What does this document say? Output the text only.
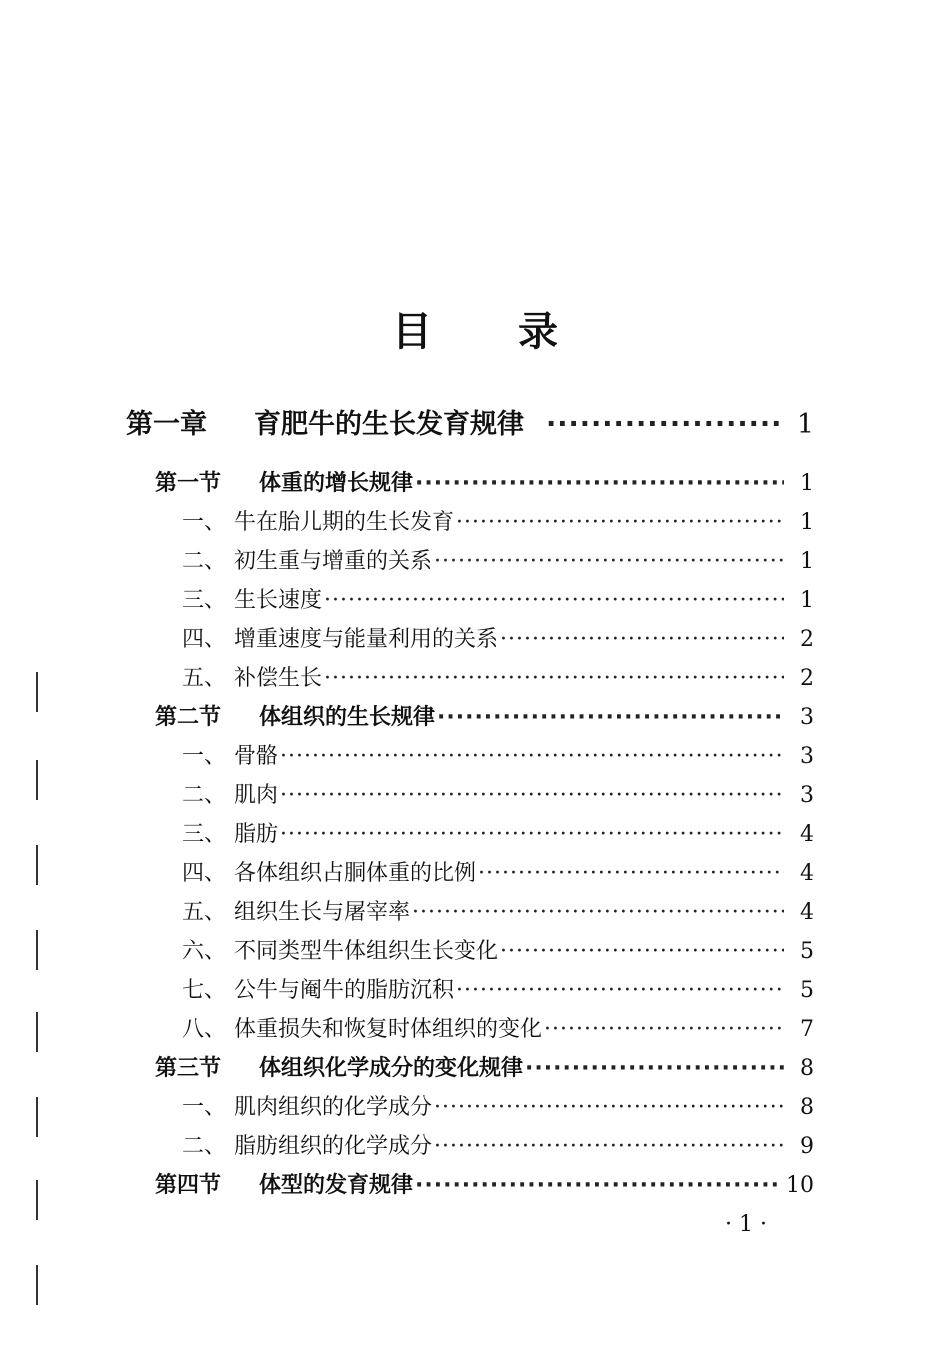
目 录
第一章	育肥牛的生长发育规律 ·····	1
第一节	体重的增长规律 ·····	1
一、 牛在胎儿期的生长发育 ·····	1
二、 初生重与增重的关系 ·····	1
三、 生长速度 ·····	1
四、 增重速度与能量利用的关系 ·····	2
五、 补偿生长 ·····	2
第二节	体组织的生长规律 ·····	3
一、 骨骼 ·····	3
二、 肌肉 ·····	3
三、 脂肪 ·····	4
四、 各体组织占胴体重的比例 ·····	4
五、 组织生长与屠宰率 ·····	4
六、 不同类型牛体组织生长变化 ·····	5
七、 公牛与阉牛的脂肪沉积 ·····	5
八、 体重损失和恢复时体组织的变化 ·····	7
第三节	体组织化学成分的变化规律 ·····	8
一、 肌肉组织的化学成分 ·····	8
二、 脂肪组织的化学成分 ·····	9
第四节	体型的发育规律 ·····	10
· 1 ·
